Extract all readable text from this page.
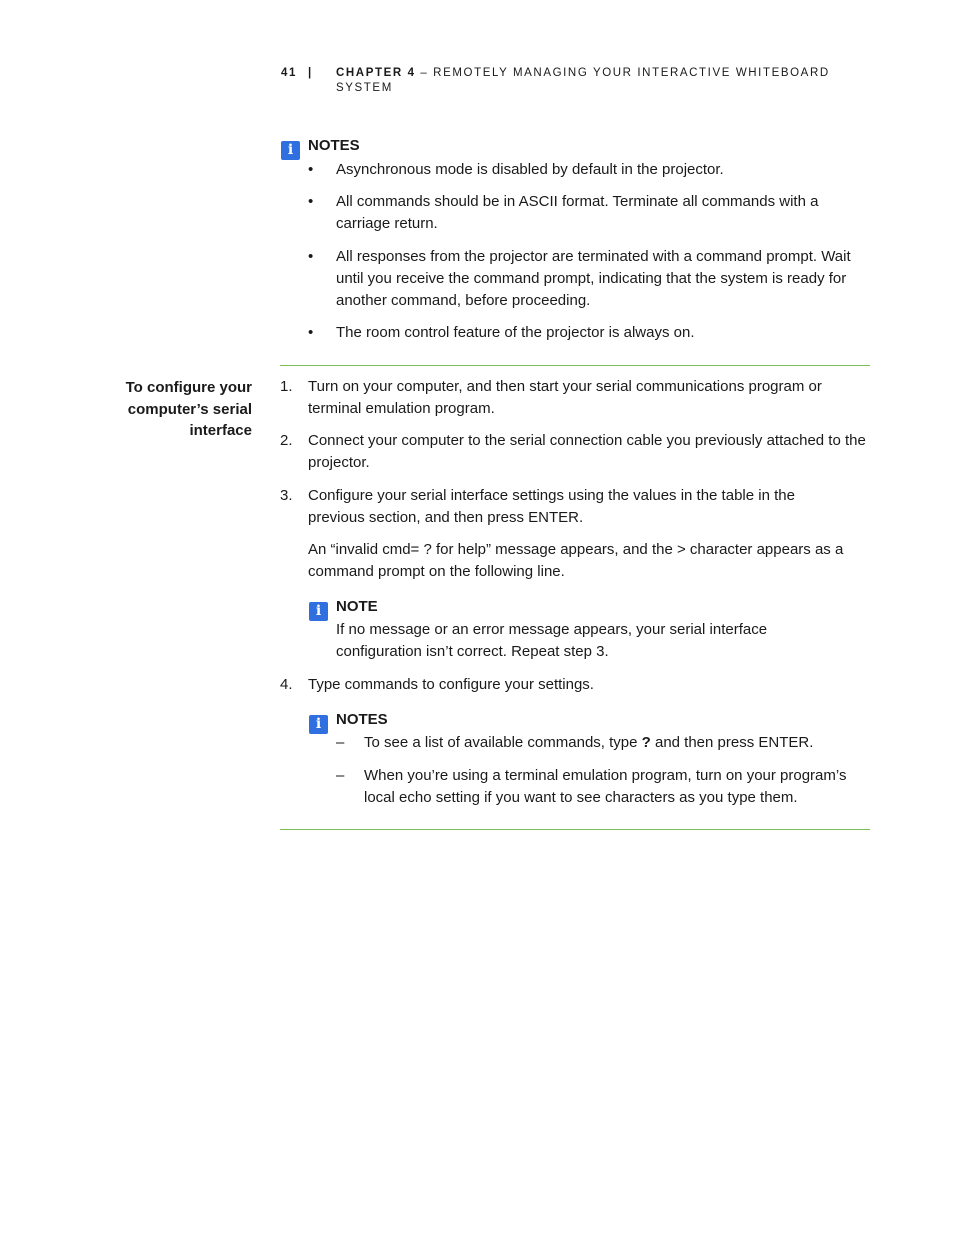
41 | CHAPTER 4 – REMOTELY MANAGING YOUR INTERACTIVE WHITEBOARD SYSTEM
i NOTES
• Asynchronous mode is disabled by default in the projector.
• All commands should be in ASCII format. Terminate all commands with a carriage return.
• All responses from the projector are terminated with a command prompt. Wait until you receive the command prompt, indicating that the system is ready for another command, before proceeding.
• The room control feature of the projector is always on.
To configure your computer’s serial interface
1. Turn on your computer, and then start your serial communications program or terminal emulation program.
2. Connect your computer to the serial connection cable you previously attached to the projector.
3. Configure your serial interface settings using the values in the table in the previous section, and then press ENTER.
An “invalid cmd= ? for help” message appears, and the > character appears as a command prompt on the following line.
i NOTE
If no message or an error message appears, your serial interface configuration isn’t correct. Repeat step 3.
4. Type commands to configure your settings.
i NOTES
– To see a list of available commands, type ? and then press ENTER.
– When you’re using a terminal emulation program, turn on your program’s local echo setting if you want to see characters as you type them.
